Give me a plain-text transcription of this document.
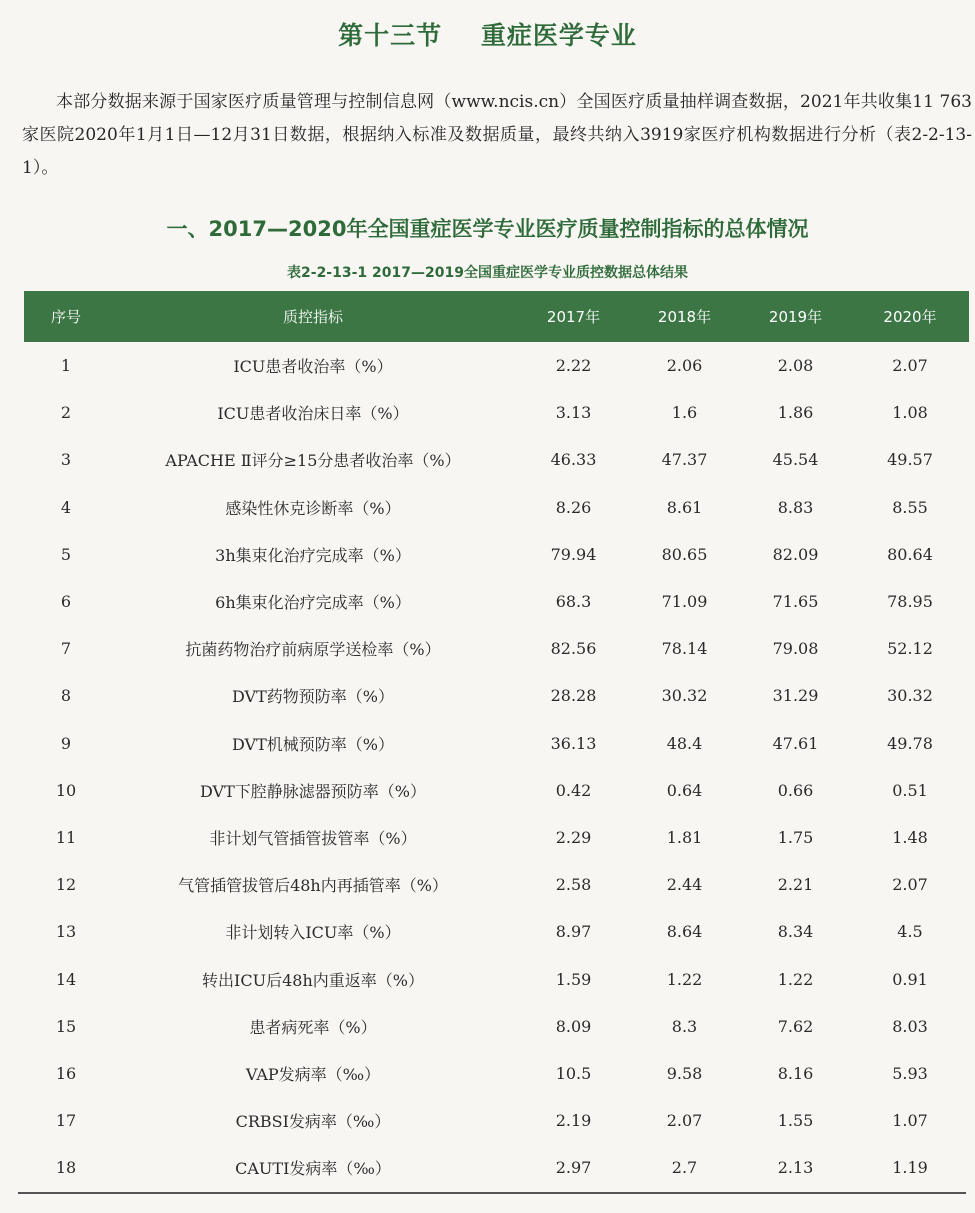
第十三节    重症医学专业
本部分数据来源于国家医疗质量管理与控制信息网（www.ncis.cn）全国医疗质量抽样调查数据，2021年共收集11 763家医院2020年1月1日—12月31日数据，根据纳入标准及数据质量，最终共纳入3919家医疗机构数据进行分析（表2-2-13-1）。
一、2017—2020年全国重症医学专业医疗质量控制指标的总体情况
表2-2-13-1 2017—2019全国重症医学专业质控数据总体结果
序号	质控指标	2017年	2018年	2019年	2020年
1	ICU患者收治率（%）	2.22	2.06	2.08	2.07
2	ICU患者收治床日率（%）	3.13	1.6	1.86	1.08
3	APACHE Ⅱ评分≥15分患者收治率（%）	46.33	47.37	45.54	49.57
4	感染性休克诊断率（%）	8.26	8.61	8.83	8.55
5	3h集束化治疗完成率（%）	79.94	80.65	82.09	80.64
6	6h集束化治疗完成率（%）	68.3	71.09	71.65	78.95
7	抗菌药物治疗前病原学送检率（%）	82.56	78.14	79.08	52.12
8	DVT药物预防率（%）	28.28	30.32	31.29	30.32
9	DVT机械预防率（%）	36.13	48.4	47.61	49.78
10	DVT下腔静脉滤器预防率（%）	0.42	0.64	0.66	0.51
11	非计划气管插管拔管率（%）	2.29	1.81	1.75	1.48
12	气管插管拔管后48h内再插管率（%）	2.58	2.44	2.21	2.07
13	非计划转入ICU率（%）	8.97	8.64	8.34	4.5
14	转出ICU后48h内重返率（%）	1.59	1.22	1.22	0.91
15	患者病死率（%）	8.09	8.3	7.62	8.03
16	VAP发病率（‰）	10.5	9.58	8.16	5.93
17	CRBSI发病率（‰）	2.19	2.07	1.55	1.07
18	CAUTI发病率（‰）	2.97	2.7	2.13	1.19
